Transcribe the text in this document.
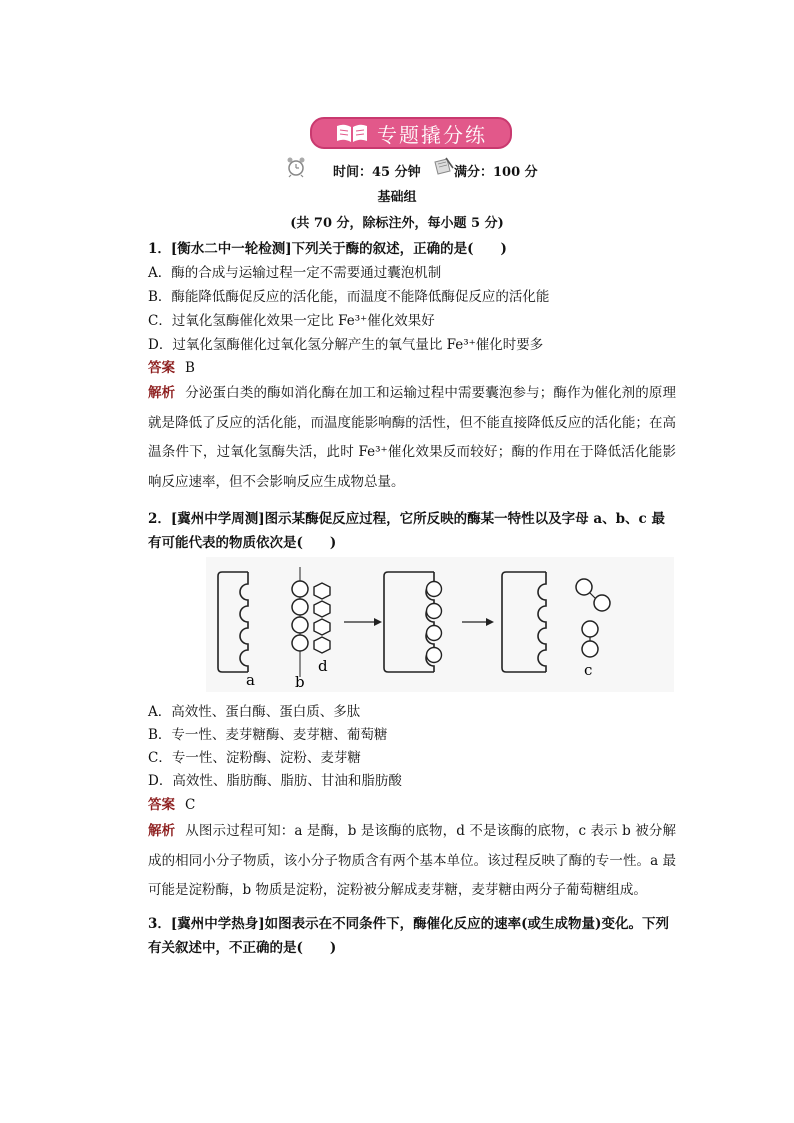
专题撬分练
时间：45 分钟	满分：100 分
基础组
(共 70 分，除标注外，每小题 5 分)
1．[衡水二中一轮检测]下列关于酶的叙述，正确的是(　　)
A．酶的合成与运输过程一定不需要通过囊泡机制
B．酶能降低酶促反应的活化能，而温度不能降低酶促反应的活化能
C．过氧化氢酶催化效果一定比 Fe³⁺催化效果好
D．过氧化氢酶催化过氧化氢分解产生的氧气量比 Fe³⁺催化时要多
答案 B
解析 分泌蛋白类的酶如消化酶在加工和运输过程中需要囊泡参与；酶作为催化剂的原理就是降低了反应的活化能，而温度能影响酶的活性，但不能直接降低反应的活化能；在高温条件下，过氧化氢酶失活，此时 Fe³⁺催化效果反而较好；酶的作用在于降低活化能影响反应速率，但不会影响反应生成物总量。
2．[冀州中学周测]图示某酶促反应过程，它所反映的酶某一特性以及字母 a、b、c 最
有可能代表的物质依次是(　　)
a	b
d	c
A．高效性、蛋白酶、蛋白质、多肽
B．专一性、麦芽糖酶、麦芽糖、葡萄糖
C．专一性、淀粉酶、淀粉、麦芽糖
D．高效性、脂肪酶、脂肪、甘油和脂肪酸
答案 C
解析 从图示过程可知：a 是酶，b 是该酶的底物，d 不是该酶的底物，c 表示 b 被分解成的相同小分子物质，该小分子物质含有两个基本单位。该过程反映了酶的专一性。a 最可能是淀粉酶，b 物质是淀粉，淀粉被分解成麦芽糖，麦芽糖由两分子葡萄糖组成。
3．[冀州中学热身]如图表示在不同条件下，酶催化反应的速率(或生成物量)变化。下列
有关叙述中，不正确的是(　　)
